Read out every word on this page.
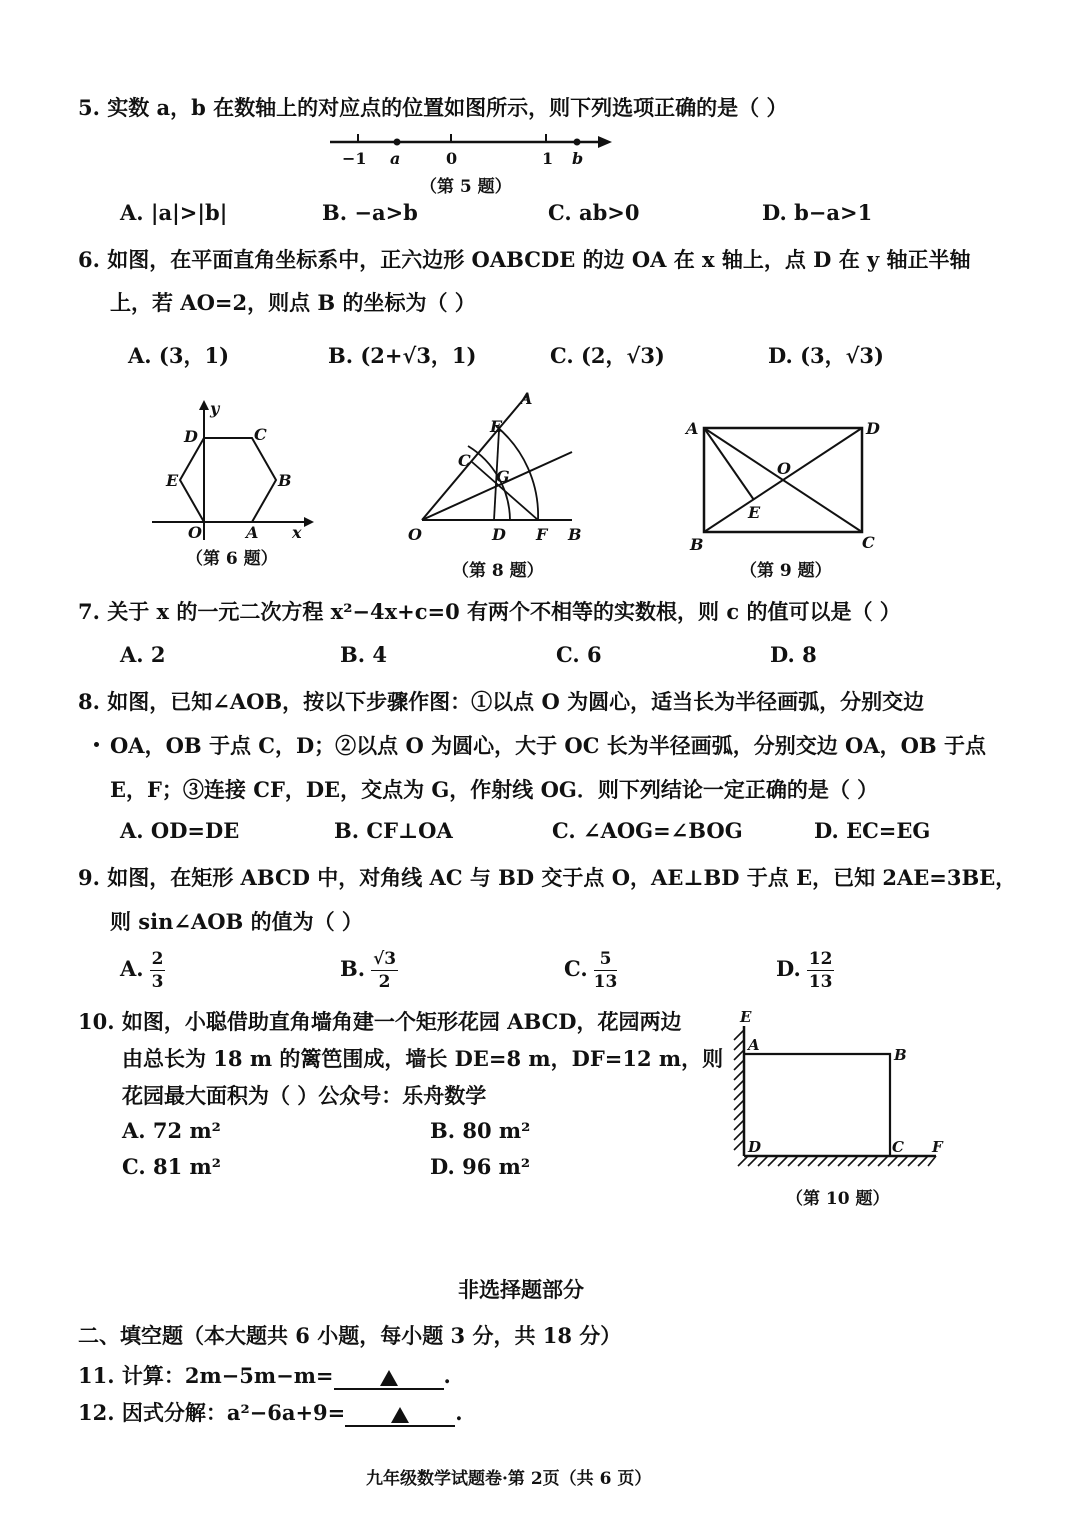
5. 实数 a，b 在数轴上的对应点的位置如图所示，则下列选项正确的是（ ）
−1 a	0	1 b
（第 5 题）
A. |a|>|b|	B. −a>b	C. ab>0	D. b−a>1
6. 如图，在平面直角坐标系中，正六边形 OABCDE 的边 OA 在 x 轴上，点 D 在 y 轴正半轴
上，若 AO=2，则点 B 的坐标为（ ）
A. (3，1)	B. (2+√3，1)	C. (2，√3)	D. (3，√3)
y
D	C
E	B
O	A x
（第 6 题）
A
E
C
G
O	D F B
（第 8 题）
A	D
O
E
B	C
（第 9 题）
7. 关于 x 的一元二次方程 x²−4x+c=0 有两个不相等的实数根，则 c 的值可以是（ ）
A. 2	B. 4	C. 6	D. 8
8. 如图，已知∠AOB，按以下步骤作图：①以点 O 为圆心，适当长为半径画弧，分别交边
OA，OB 于点 C，D；②以点 O 为圆心，大于 OC 长为半径画弧，分别交边 OA，OB 于点
E，F；③连接 CF，DE，交点为 G，作射线 OG．则下列结论一定正确的是（ ）
A. OD=DE	B. CF⊥OA	C. ∠AOG=∠BOG	D. EC=EG
9. 如图，在矩形 ABCD 中，对角线 AC 与 BD 交于点 O，AE⊥BD 于点 E，已知 2AE=3BE，
则 sin∠AOB 的值为（ ）
A. $\frac{2}{3}$	B. $\frac{√3}{2}$	C. $\frac{5}{13}$	D. $\frac{12}{13}$
10. 如图，小聪借助直角墙角建一个矩形花园 ABCD，花园两边
由总长为 18 m 的篱笆围成，墙长 DE=8 m，DF=12 m，则
花园最大面积为（ ）公众号：乐舟数学
A. 72 m²	B. 80 m²
C. 81 m²	D. 96 m²
E
A
B
D	C F
（第 10 题）
非选择题部分
二、填空题（本大题共 6 小题，每小题 3 分，共 18 分）
11. 计算：2m−5m−m=	.
12. 因式分解：a²−6a+9=	.
九年级数学试题卷·第 2页（共 6 页）
